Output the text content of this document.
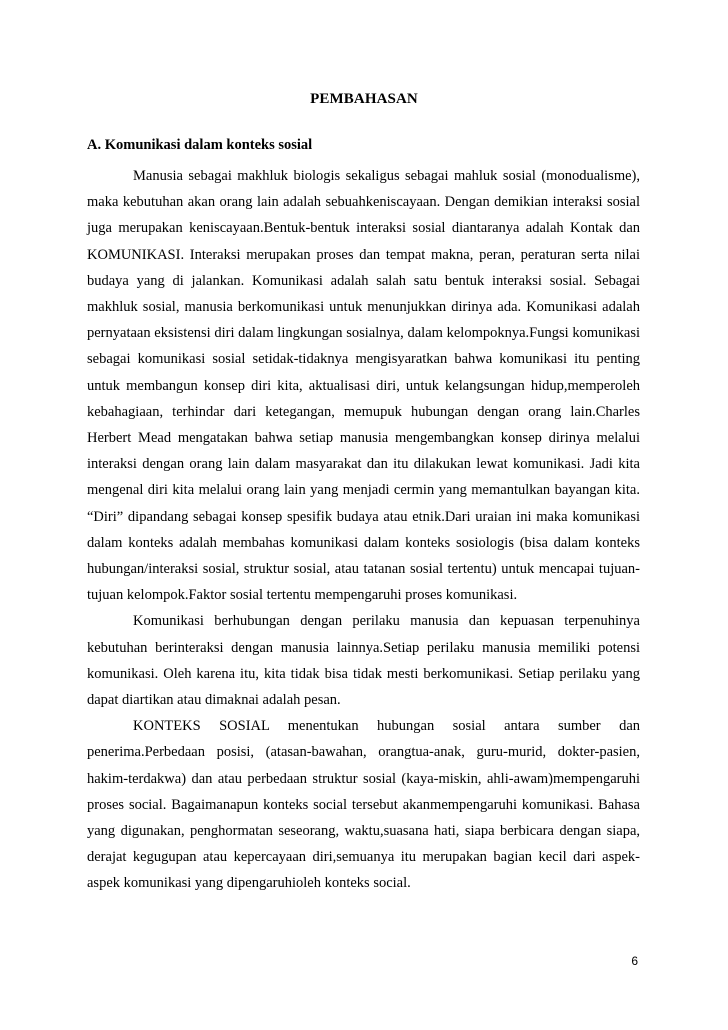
PEMBAHASAN
A. Komunikasi dalam konteks sosial

Manusia sebagai makhluk biologis sekaligus sebagai mahluk sosial (monodualisme), maka kebutuhan akan orang lain adalah sebuahkeniscayaan. Dengan demikian interaksi sosial juga merupakan keniscayaan.Bentuk-bentuk interaksi sosial diantaranya adalah Kontak dan KOMUNIKASI. Interaksi merupakan proses dan tempat makna, peran, peraturan serta nilai budaya yang di jalankan. Komunikasi adalah salah satu bentuk interaksi sosial. Sebagai makhluk sosial, manusia berkomunikasi untuk menunjukkan dirinya ada. Komunikasi adalah pernyataan eksistensi diri dalam lingkungan sosialnya, dalam kelompoknya.Fungsi komunikasi sebagai komunikasi sosial setidak-tidaknya mengisyaratkan bahwa komunikasi itu penting untuk membangun konsep diri kita, aktualisasi diri, untuk kelangsungan hidup,memperoleh kebahagiaan, terhindar dari ketegangan, memupuk hubungan dengan orang lain.Charles Herbert Mead mengatakan bahwa setiap manusia mengembangkan konsep dirinya melalui interaksi dengan orang lain dalam masyarakat dan itu dilakukan lewat komunikasi. Jadi kita mengenal diri kita melalui orang lain yang menjadi cermin yang memantulkan bayangan kita. “Diri” dipandang sebagai konsep spesifik budaya atau etnik.Dari uraian ini maka komunikasi dalam konteks adalah membahas komunikasi dalam konteks sosiologis (bisa dalam konteks hubungan/interaksi sosial, struktur sosial, atau tatanan sosial tertentu) untuk mencapai tujuan-tujuan kelompok.Faktor sosial tertentu mempengaruhi proses komunikasi.

Komunikasi berhubungan dengan perilaku manusia dan kepuasan terpenuhinya kebutuhan berinteraksi dengan manusia lainnya.Setiap perilaku manusia memiliki potensi komunikasi. Oleh karena itu, kita tidak bisa tidak mesti berkomunikasi. Setiap perilaku yang dapat diartikan atau dimaknai adalah pesan.

KONTEKS SOSIAL menentukan hubungan sosial antara sumber dan penerima.Perbedaan posisi, (atasan-bawahan, orangtua-anak, guru-murid, dokter-pasien, hakim-terdakwa) dan atau perbedaan struktur sosial (kaya-miskin, ahli-awam)mempengaruhi proses social. Bagaimanapun konteks social tersebut akanmempengaruhi komunikasi. Bahasa yang digunakan, penghormatan seseorang, waktu,suasana hati, siapa berbicara dengan siapa, derajat kegugupan atau kepercayaan diri,semuanya itu merupakan bagian kecil dari aspek-aspek komunikasi yang dipengaruhioleh konteks social.

6
